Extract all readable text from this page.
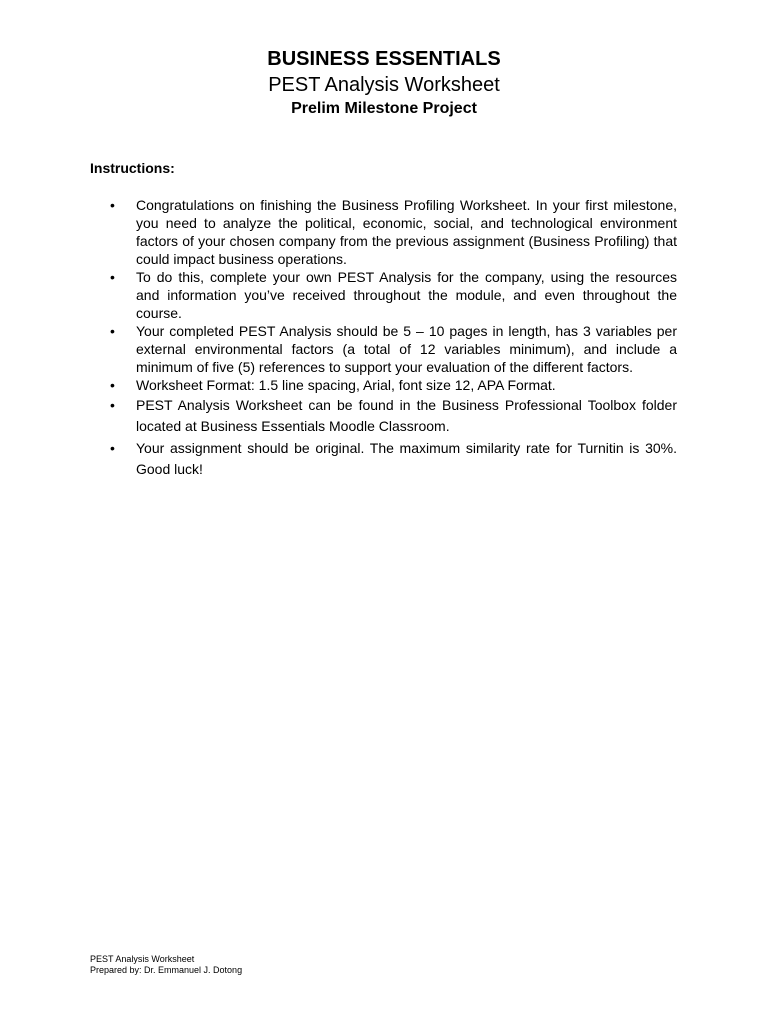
BUSINESS ESSENTIALS
PEST Analysis Worksheet
Prelim Milestone Project
Instructions:
• Congratulations on finishing the Business Profiling Worksheet. In your first milestone, you need to analyze the political, economic, social, and technological environment factors of your chosen company from the previous assignment (Business Profiling) that could impact business operations.
• To do this, complete your own PEST Analysis for the company, using the resources and information you’ve received throughout the module, and even throughout the course.
• Your completed PEST Analysis should be 5 – 10 pages in length, has 3 variables per external environmental factors (a total of 12 variables minimum), and include a minimum of five (5) references to support your evaluation of the different factors.
• Worksheet Format: 1.5 line spacing, Arial, font size 12, APA Format.
• PEST Analysis Worksheet can be found in the Business Professional Toolbox folder located at Business Essentials Moodle Classroom.
• Your assignment should be original. The maximum similarity rate for Turnitin is 30%. Good luck!
PEST Analysis Worksheet
Prepared by: Dr. Emmanuel J. Dotong
